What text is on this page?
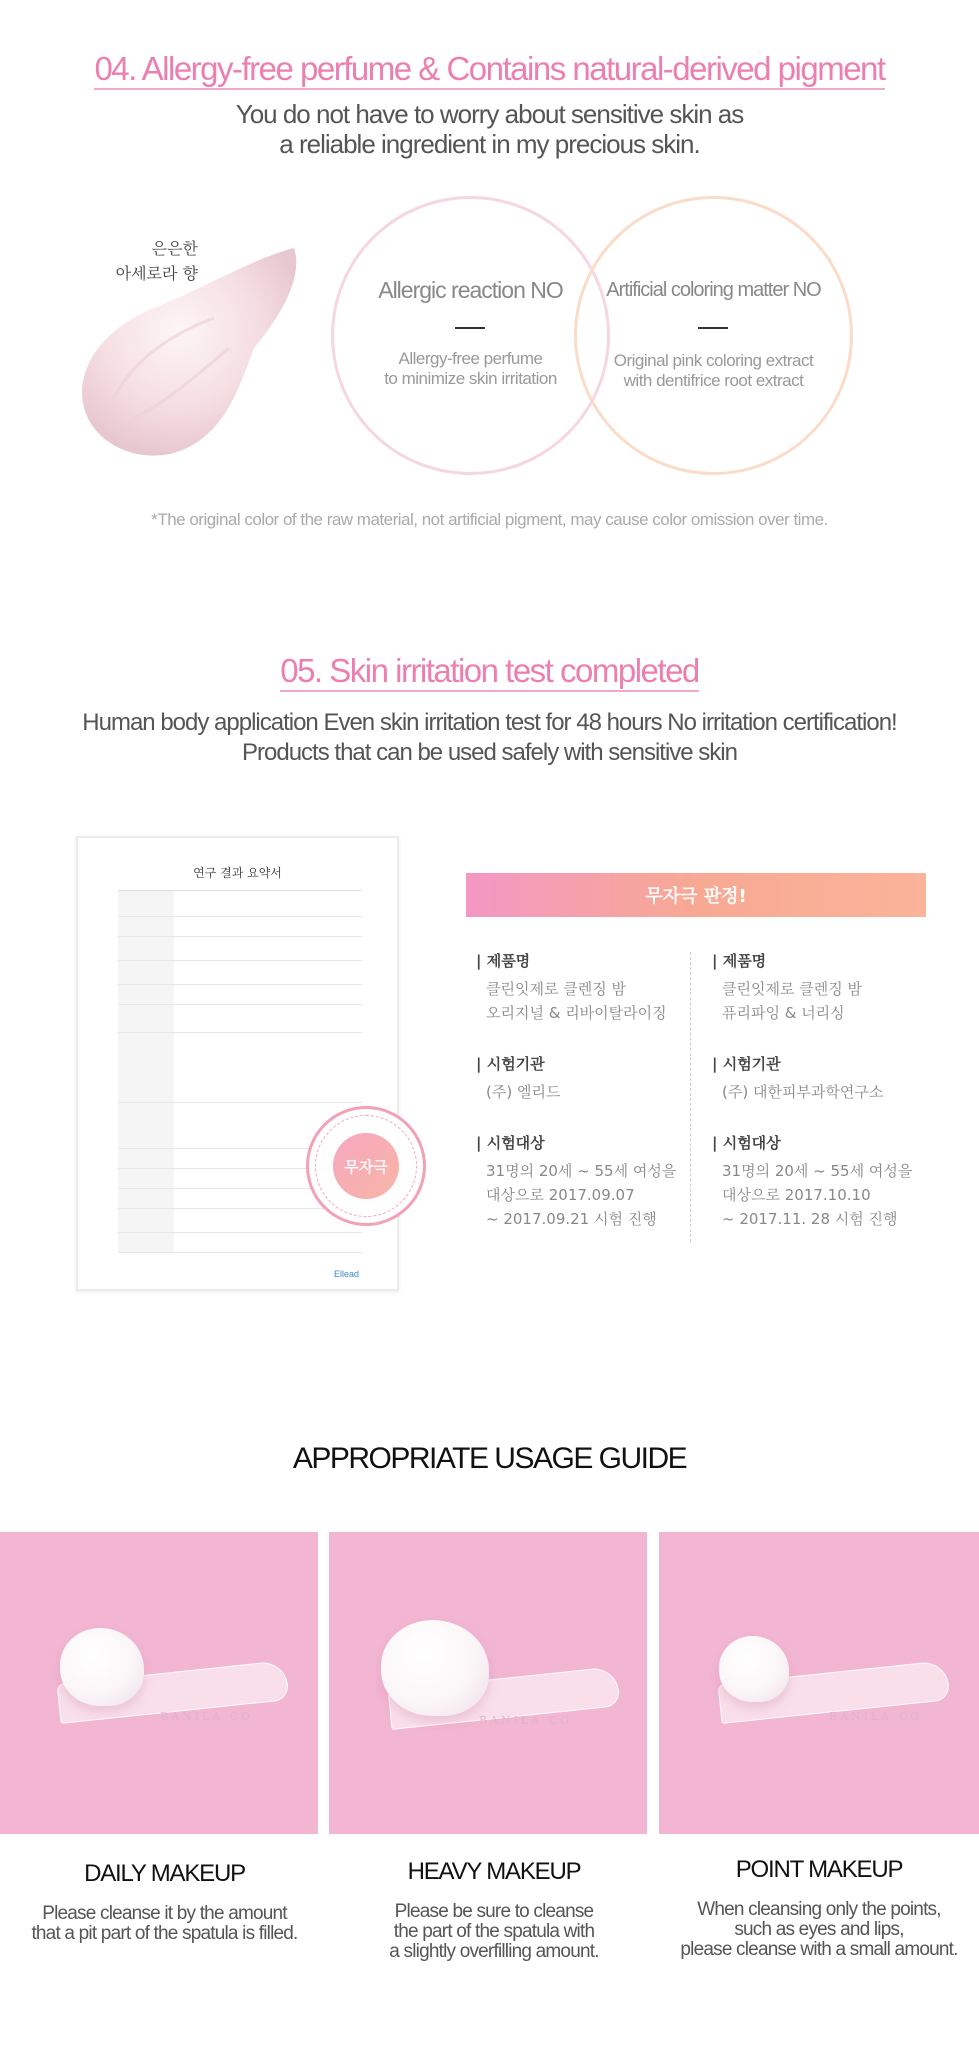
04. Allergy-free perfume & Contains natural-derived pigment
You do not have to worry about sensitive skin as
a reliable ingredient in my precious skin.
은은한
아세로라 향
Allergic reaction NO
Allergy-free perfume
to minimize skin irritation
Artificial coloring matter NO
Original pink coloring extract
with dentifrice root extract
*The original color of the raw material, not artificial pigment, may cause color omission over time.
05. Skin irritation test completed
Human body application Even skin irritation test for 48 hours No irritation certification!
Products that can be used safely with sensitive skin
연구 결과 요약서
무자극
Ellead
무자극 판정!
| 제품명
클린잇제로 클렌징 밤
오리지널 & 리바이탈라이징
| 시험기관
(주) 엘리드
| 시험대상
31명의 20세 ~ 55세 여성을
대상으로 2017.09.07
~ 2017.09.21 시험 진행
| 제품명
클린잇제로 클렌징 밤
퓨리파잉 & 너리싱
| 시험기관
(주) 대한피부과학연구소
| 시험대상
31명의 20세 ~ 55세 여성을
대상으로 2017.10.10
~ 2017.11. 28 시험 진행
APPROPRIATE USAGE GUIDE
BANILA CO	BANILA CO	BANILA CO
DAILY MAKEUP
Please cleanse it by the amount
that a pit part of the spatula is filled.
HEAVY MAKEUP
Please be sure to cleanse
the part of the spatula with
a slightly overfilling amount.
POINT MAKEUP
When cleansing only the points,
such as eyes and lips,
please cleanse with a small amount.
